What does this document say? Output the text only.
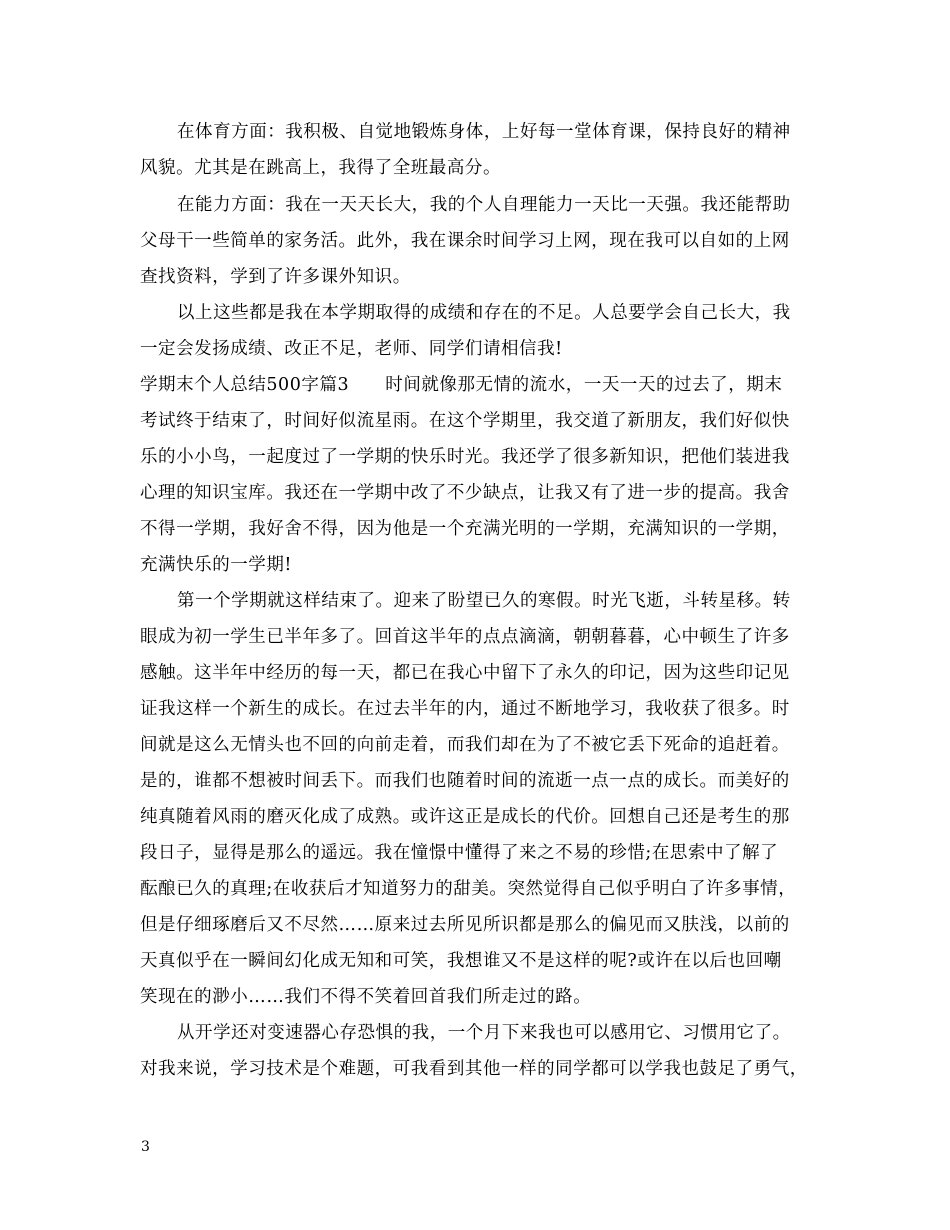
在体育方面：我积极、自觉地锻炼身体，上好每一堂体育课，保持良好的精神
风貌。尤其是在跳高上，我得了全班最高分。
在能力方面：我在一天天长大，我的个人自理能力一天比一天强。我还能帮助
父母干一些简单的家务活。此外，我在课余时间学习上网，现在我可以自如的上网
查找资料，学到了许多课外知识。
以上这些都是我在本学期取得的成绩和存在的不足。人总要学会自己长大，我
一定会发扬成绩、改正不足，老师、同学们请相信我!
学期末个人总结500字篇3　　时间就像那无情的流水，一天一天的过去了，期末
考试终于结束了，时间好似流星雨。在这个学期里，我交道了新朋友，我们好似快
乐的小小鸟，一起度过了一学期的快乐时光。我还学了很多新知识，把他们装进我
心理的知识宝库。我还在一学期中改了不少缺点，让我又有了进一步的提高。我舍
不得一学期，我好舍不得，因为他是一个充满光明的一学期，充满知识的一学期，
充满快乐的一学期!
第一个学期就这样结束了。迎来了盼望已久的寒假。时光飞逝，斗转星移。转
眼成为初一学生已半年多了。回首这半年的点点滴滴，朝朝暮暮，心中顿生了许多
感触。这半年中经历的每一天，都已在我心中留下了永久的印记，因为这些印记见
证我这样一个新生的成长。在过去半年的内，通过不断地学习，我收获了很多。时
间就是这么无情头也不回的向前走着，而我们却在为了不被它丢下死命的追赶着。
是的，谁都不想被时间丢下。而我们也随着时间的流逝一点一点的成长。而美好的
纯真随着风雨的磨灭化成了成熟。或许这正是成长的代价。回想自己还是考生的那
段日子，显得是那么的遥远。我在憧憬中懂得了来之不易的珍惜;在思索中了解了
酝酿已久的真理;在收获后才知道努力的甜美。突然觉得自己似乎明白了许多事情，
但是仔细琢磨后又不尽然……原来过去所见所识都是那么的偏见而又肤浅，以前的
天真似乎在一瞬间幻化成无知和可笑，我想谁又不是这样的呢?或许在以后也回嘲
笑现在的渺小……我们不得不笑着回首我们所走过的路。
从开学还对变速器心存恐惧的我，一个月下来我也可以感用它、习惯用它了。
对我来说，学习技术是个难题，可我看到其他一样的同学都可以学我也鼓足了勇气，
3
